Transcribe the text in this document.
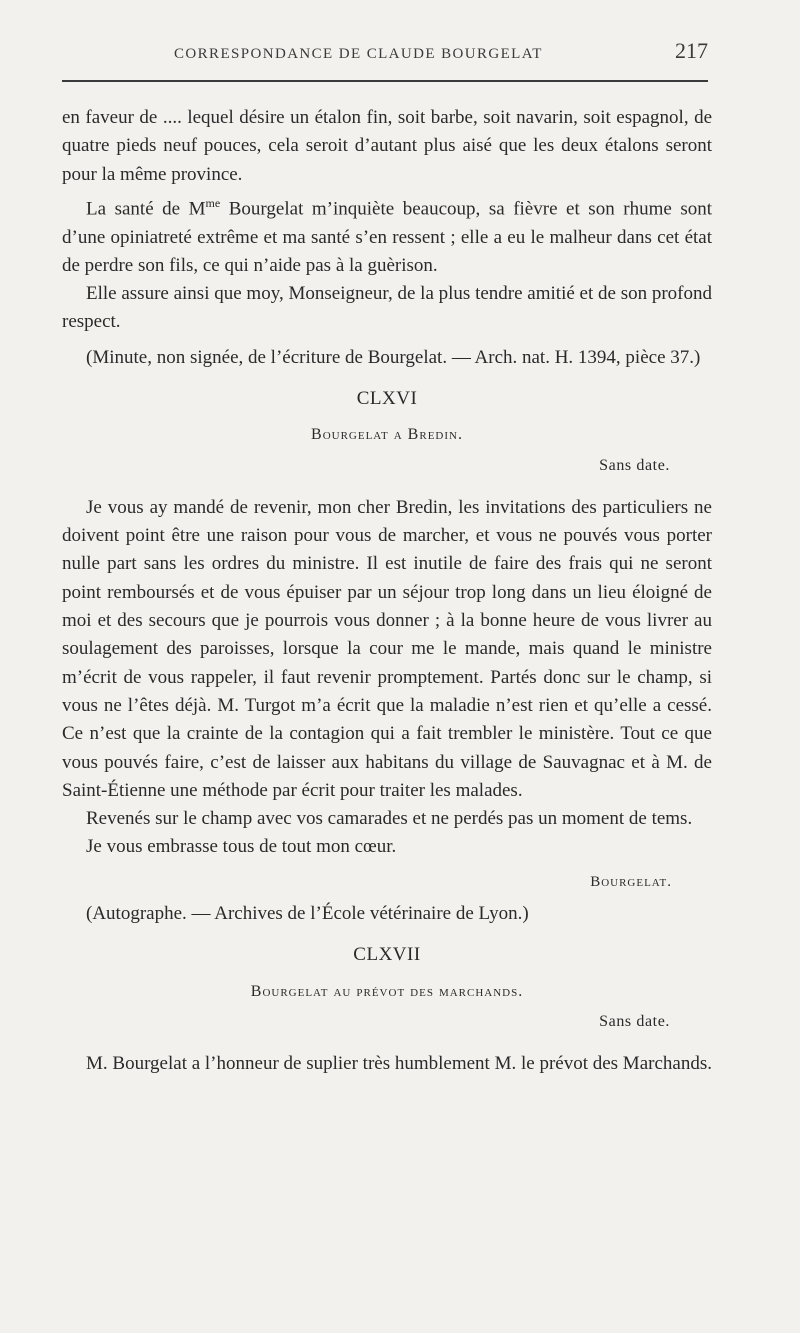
CORRESPONDANCE DE CLAUDE BOURGELAT	217

en faveur de .... lequel désire un étalon fin, soit barbe, soit navarin, soit espagnol, de quatre pieds neuf pouces, cela seroit d’autant plus aisé que les deux étalons seront pour la même province.

La santé de $M^{me}$ Bourgelat m’inquiète beaucoup, sa fièvre et son rhume sont d’une opiniatreté extrême et ma santé s’en ressent ; elle a eu le malheur dans cet état de perdre son fils, ce qui n’aide pas à la guèrison.

Elle assure ainsi que moy, Monseigneur, de la plus tendre amitié et de son profond respect.

(Minute, non signée, de l’écriture de Bourgelat. — Arch. nat. H. 1394, pièce 37.)

CLXVI

Bourgelat a Bredin.

Sans date.

Je vous ay mandé de revenir, mon cher Bredin, les invitations des particuliers ne doivent point être une raison pour vous de marcher, et vous ne pouvés vous porter nulle part sans les ordres du ministre. Il est inutile de faire des frais qui ne seront point remboursés et de vous épuiser par un séjour trop long dans un lieu éloigné de moi et des secours que je pourrois vous donner ; à la bonne heure de vous livrer au soulagement des paroisses, lorsque la cour me le mande, mais quand le ministre m’écrit de vous rappeler, il faut revenir promptement. Partés donc sur le champ, si vous ne l’êtes déjà. M. Turgot m’a écrit que la maladie n’est rien et qu’elle a cessé. Ce n’est que la crainte de la contagion qui a fait trembler le ministère. Tout ce que vous pouvés faire, c’est de laisser aux habitans du village de Sauvagnac et à M. de Saint-Étienne une méthode par écrit pour traiter les malades.

Revenés sur le champ avec vos camarades et ne perdés pas un moment de tems.

Je vous embrasse tous de tout mon cœur.

Bourgelat.

(Autographe. — Archives de l’École vétérinaire de Lyon.)

CLXVII

Bourgelat au prévot des marchands.

Sans date.

M. Bourgelat a l’honneur de suplier très humblement M. le prévot des Marchands.
